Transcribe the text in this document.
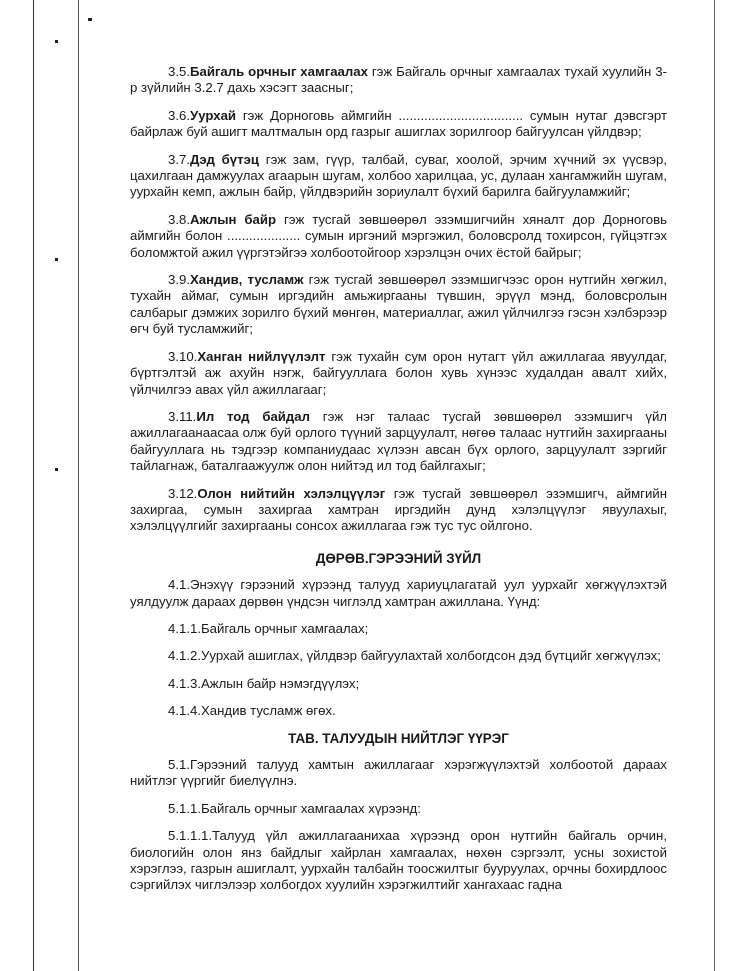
3.5.Байгаль орчныг хамгаалах гэж Байгаль орчныг хамгаалах тухай хуулийн 3-р зүйлийн 3.2.7 дахь хэсэгт заасныг;

3.6.Уурхай гэж Дорноговь аймгийн .................................. сумын нутаг дэвсгэрт байрлаж буй ашигт малтмалын орд газрыг ашиглах зорилгоор байгуулсан үйлдвэр;

3.7.Дэд бүтэц гэж зам, гүүр, талбай, суваг, хоолой, эрчим хүчний эх үүсвэр, цахилгаан дамжуулах агаарын шугам, холбоо харилцаа, ус, дулаан хангамжийн шугам, уурхайн кемп, ажлын байр, үйлдвэрийн зориулалт бүхий барилга байгууламжийг;

3.8.Ажлын байр гэж тусгай зөвшөөрөл эзэмшигчийн хяналт дор Дорноговь аймгийн болон .................... сумын иргэний мэргэжил, боловсролд тохирсон, гүйцэтгэх боломжтой ажил үүргэтэйгээ холбоотойгоор хэрэлцэн очих ёстой байрыг;

3.9.Хандив, тусламж гэж тусгай зөвшөөрөл эзэмшигчээс орон нутгийн хөгжил, тухайн аймаг, сумын иргэдийн амьжиргааны түвшин, эрүүл мэнд, боловсролын салбарыг дэмжих зорилго бүхий мөнгөн, материаллаг, ажил үйлчилгээ гэсэн хэлбэрээр өгч буй тусламжийг;

3.10.Ханган нийлүүлэлт гэж тухайн сум орон нутагт үйл ажиллагаа явуулдаг, бүртгэлтэй аж ахуйн нэгж, байгууллага болон хувь хүнээс худалдан авалт хийх, үйлчилгээ авах үйл ажиллагааг;

3.11.Ил тод байдал гэж нэг талаас тусгай зөвшөөрөл эзэмшигч үйл ажиллагаанаасаа олж буй орлого түүний зарцуулалт, нөгөө талаас нутгийн захиргааны байгууллага нь тэдгээр компаниудаас хүлээн авсан бүх орлого, зарцуулалт зэргийг тайлагнаж, баталгаажуулж олон нийтэд ил тод байлгахыг;

3.12.Олон нийтийн хэлэлцүүлэг гэж тусгай зөвшөөрөл эзэмшигч, аймгийн захиргаа, сумын захиргаа хамтран иргэдийн дунд хэлэлцүүлэг явуулахыг, хэлэлцүүлгийг захиргааны сонсох ажиллагаа гэж тус тус ойлгоно.

ДӨРӨВ.ГЭРЭЭНИЙ ЗҮЙЛ

4.1.Энэхүү гэрээний хүрээнд талууд хариуцлагатай уул уурхайг хөгжүүлэхтэй уялдуулж дараах дөрвөн үндсэн чиглэлд хамтран ажиллана. Үүнд:

4.1.1.Байгаль орчныг хамгаалах;

4.1.2.Уурхай ашиглах, үйлдвэр байгуулахтай холбогдсон дэд бүтцийг хөгжүүлэх;

4.1.3.Ажлын байр нэмэгдүүлэх;

4.1.4.Хандив тусламж өгөх.

ТАВ. ТАЛУУДЫН НИЙТЛЭГ ҮҮРЭГ

5.1.Гэрээний талууд хамтын ажиллагааг хэрэгжүүлэхтэй холбоотой дараах нийтлэг үүргийг биелүүлнэ.

5.1.1.Байгаль орчныг хамгаалах хүрээнд:

5.1.1.1.Талууд үйл ажиллагаанихаа хүрээнд орон нутгийн байгаль орчин, биологийн олон янз байдлыг хайрлан хамгаалах, нөхөн сэргээлт, усны зохистой хэрэглээ, газрын ашиглалт, уурхайн талбайн тоосжилтыг бууруулах, орчны бохирдлоос сэргийлэх чиглэлээр холбогдох хуулийн хэрэгжилтийг хангахаас гадна
